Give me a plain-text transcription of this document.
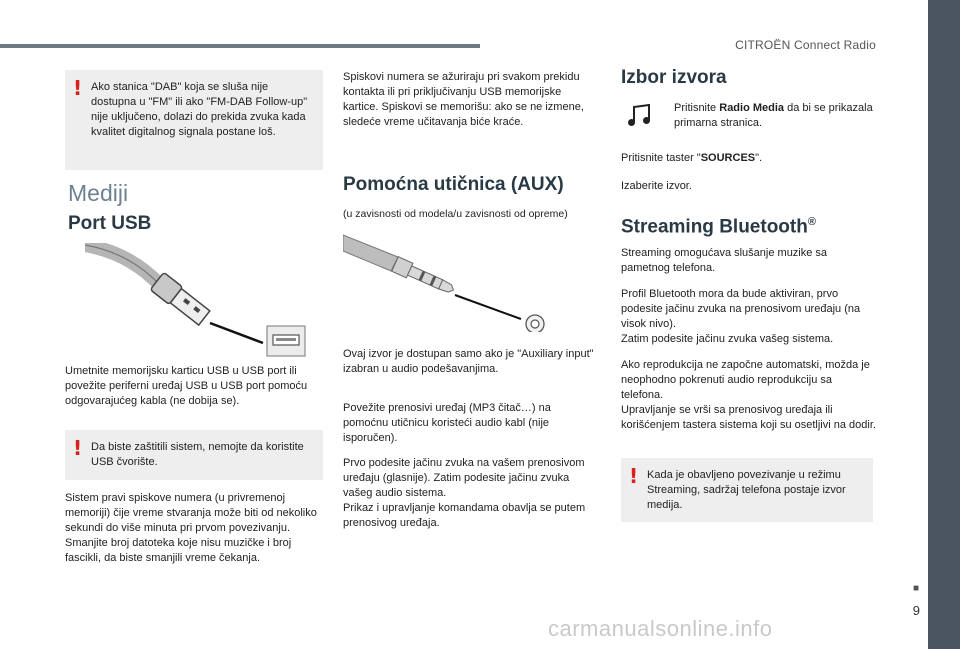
CITROËN Connect Radio
■
9
carmanualsonline.info
! Ako stanica "DAB" koja se sluša nije dostupna u "FM" ili ako "FM-DAB Follow-up" nije uključeno, dolazi do prekida zvuka kada kvalitet digitalnog signala postane loš.
Mediji
Port USB
Umetnite memorijsku karticu USB u USB port ili povežite periferni uređaj USB u USB port pomoću odgovarajućeg kabla (ne dobija se).
! Da biste zaštitili sistem, nemojte da koristite USB čvorište.
Sistem pravi spiskove numera (u privremenoj memoriji) čije vreme stvaranja može biti od nekoliko sekundi do više minuta pri prvom povezivanju.
Smanjite broj datoteka koje nisu muzičke i broj fascikli, da biste smanjili vreme čekanja.
Spiskovi numera se ažuriraju pri svakom prekidu kontakta ili pri priključivanju USB memorijske kartice. Spiskovi se memorišu: ako se ne izmene, sledeće vreme učitavanja biće kraće.
Pomoćna utičnica (AUX)
(u zavisnosti od modela/u zavisnosti od opreme)
Ovaj izvor je dostupan samo ako je "Auxiliary input" izabran u audio podešavanjima.
Povežite prenosivi uređaj (MP3 čitač…) na pomoćnu utičnicu koristeći audio kabl (nije isporučen).
Prvo podesite jačinu zvuka na vašem prenosivom uređaju (glasnije). Zatim podesite jačinu zvuka vašeg audio sistema.
Prikaz i upravljanje komandama obavlja se putem prenosivog uređaja.
Izbor izvora
Pritisnite Radio Media da bi se prikazala primarna stranica.
Pritisnite taster "SOURCES".
Izaberite izvor.
Streaming Bluetooth®
Streaming omogućava slušanje muzike sa pametnog telefona.
Profil Bluetooth mora da bude aktiviran, prvo podesite jačinu zvuka na prenosivom uređaju (na visok nivo).
Zatim podesite jačinu zvuka vašeg sistema.
Ako reprodukcija ne započne automatski, možda je neophodno pokrenuti audio reprodukciju sa telefona.
Upravljanje se vrši sa prenosivog uređaja ili korišćenjem tastera sistema koji su osetljivi na dodir.
! Kada je obavljeno povezivanje u režimu Streaming, sadržaj telefona postaje izvor medija.
